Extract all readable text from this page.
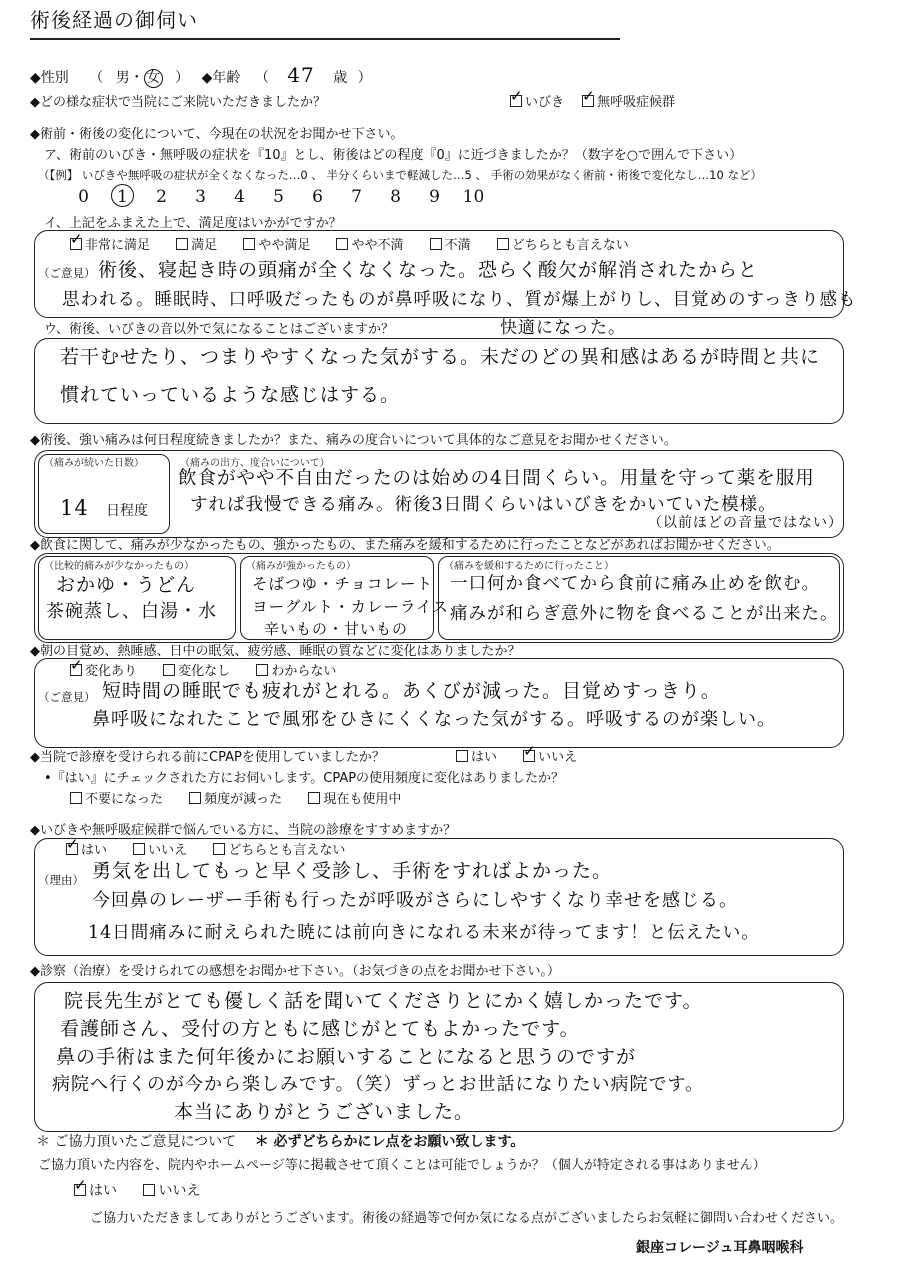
術後経過の御伺い
◆性別 （ 男・ 女 ） ◆年齢 （ 47 歳 ）
◆どの様な症状で当院にご来院いただきましたか？ ✓	いびき ✓	無呼吸症候群
◆術前・術後の変化について、今現在の状況をお聞かせ下さい。
ア、術前のいびき・無呼吸の症状を『10』とし、術後はどの程度『0』に近づきましたか？（数字を○で囲んで下さい）
（【例】 いびきや無呼吸の症状が全くなくなった…0 、 半分くらいまで軽減した…5 、 手術の効果がなく術前・術後で変化なし…10 など）
0 1 2 3 4 5 6 7 8 9 10
イ、上記をふまえた上で、満足度はいかがですか？
✓非常に満足	満足	やや満足	やや不満	不満	どちらとも言えない
（ご意見） 術後、寝起き時の頭痛が全くなくなった。恐らく酸欠が解消されたからと
思われる。睡眠時、口呼吸だったものが鼻呼吸になり、質が爆上がりし、目覚めのすっきり感も
快適になった。
ウ、術後、いびきの音以外で気になることはございますか？
若干むせたり、つまりやすくなった気がする。未だのどの異和感はあるが時間と共に
慣れていっているような感じはする。
◆術後、強い痛みは何日程度続きましたか？また、痛みの度合いについて具体的なご意見をお聞かせください。
（痛みが続いた日数）
14 日程度
（痛みの出方、度合いについて）
飲食がやや不自由だったのは始めの4日間くらい。用量を守って薬を服用
すれば我慢できる痛み。術後3日間くらいはいびきをかいていた模様。
（以前ほどの音量ではない）
◆飲食に関して、痛みが少なかったもの、強かったもの、また痛みを緩和するために行ったことなどがあればお聞かせください。
（比較的痛みが少なかったもの）
おかゆ・うどん
茶碗蒸し、白湯・水
（痛みが強かったもの）
そばつゆ・チョコレート
ヨーグルト・カレーライス
辛いもの・甘いもの
（痛みを緩和するために行ったこと）
一口何か食べてから食前に痛み止めを飲む。
痛みが和らぎ意外に物を食べることが出来た。
◆朝の目覚め、熱睡感、日中の眠気、疲労感、睡眠の質などに変化はありましたか？
✓変化あり	変化なし	わからない
（ご意見） 短時間の睡眠でも疲れがとれる。あくびが減った。目覚めすっきり。
鼻呼吸になれたことで風邪をひきにくくなった気がする。呼吸するのが楽しい。
◆当院で診療を受けられる前にCPAPを使用していましたか？	はい ✓	いいえ
•『はい』にチェックされた方にお伺いします。CPAPの使用頻度に変化はありましたか？
不要になった	頻度が減った	現在も使用中
◆いびきや無呼吸症候群で悩んでいる方に、当院の診療をすすめますか？
✓はい	いいえ	どちらとも言えない
（理由） 勇気を出してもっと早く受診し、手術をすればよかった。
今回鼻のレーザー手術も行ったが呼吸がさらにしやすくなり幸せを感じる。
14日間痛みに耐えられた暁には前向きになれる未来が待ってます！と伝えたい。
◆診察（治療）を受けられての感想をお聞かせ下さい。（お気づきの点をお聞かせ下さい。）
院長先生がとても優しく話を聞いてくださりとにかく嬉しかったです。
看護師さん、受付の方ともに感じがとてもよかったです。
鼻の手術はまた何年後かにお願いすることになると思うのですが
病院へ行くのが今から楽しみです。（笑）ずっとお世話になりたい病院です。
本当にありがとうございました。
＊ ご協力頂いたご意見について ＊ 必ずどちらかにレ点をお願い致します。
ご協力頂いた内容を、院内やホームページ等に掲載させて頂くことは可能でしょうか？（個人が特定される事はありません）
✓はい	いいえ
ご協力いただきましてありがとうございます。術後の経過等で何か気になる点がございましたらお気軽に御問い合わせください。
銀座コレージュ耳鼻咽喉科
